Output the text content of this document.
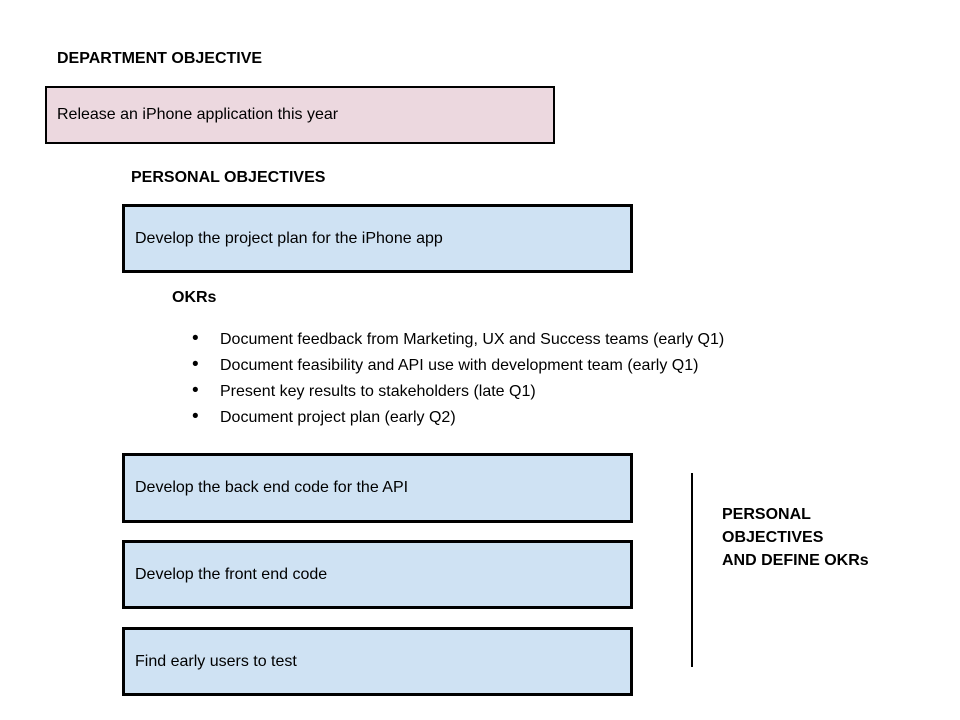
DEPARTMENT OBJECTIVE
Release an iPhone application this year
PERSONAL OBJECTIVES
Develop the project plan for the iPhone app
OKRs
• Document feedback from Marketing, UX and Success teams (early Q1)
• Document feasibility and API use with development team (early Q1)
• Present key results to stakeholders (late Q1)
• Document project plan (early Q2)
Develop the back end code for the API
Develop the front end code
Find early users to test
PERSONAL
OBJECTIVES
AND DEFINE OKRs
